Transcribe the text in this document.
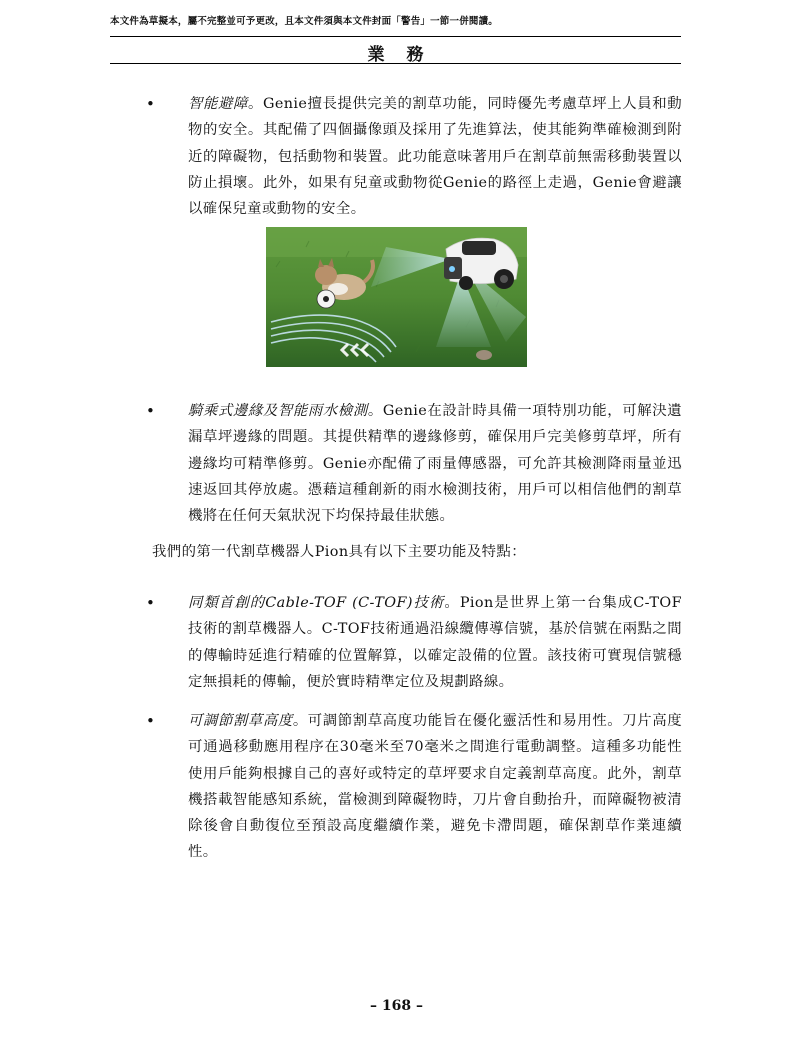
本文件為草擬本，屬不完整並可予更改，且本文件須與本文件封面「警告」一節一併閱讀。
業務
• 智能避障。Genie擅長提供完美的割草功能，同時優先考慮草坪上人員和動物的安全。其配備了四個攝像頭及採用了先進算法，使其能夠準確檢測到附近的障礙物，包括動物和裝置。此功能意味著用戶在割草前無需移動裝置以防止損壞。此外，如果有兒童或動物從Genie的路徑上走過，Genie會避讓以確保兒童或動物的安全。
• 騎乘式邊緣及智能雨水檢測。Genie在設計時具備一項特別功能，可解決遺漏草坪邊緣的問題。其提供精準的邊緣修剪，確保用戶完美修剪草坪，所有邊緣均可精準修剪。Genie亦配備了雨量傳感器，可允許其檢測降雨量並迅速返回其停放處。憑藉這種創新的雨水檢測技術，用戶可以相信他們的割草機將在任何天氣狀況下均保持最佳狀態。
我們的第一代割草機器人Pion具有以下主要功能及特點：
• 同類首創的Cable-TOF (C-TOF)技術。Pion是世界上第一台集成C-TOF技術的割草機器人。C-TOF技術通過沿線纜傳導信號，基於信號在兩點之間的傳輸時延進行精確的位置解算，以確定設備的位置。該技術可實現信號穩定無損耗的傳輸，便於實時精準定位及規劃路線。
• 可調節割草高度。可調節割草高度功能旨在優化靈活性和易用性。刀片高度可通過移動應用程序在30毫米至70毫米之間進行電動調整。這種多功能性使用戶能夠根據自己的喜好或特定的草坪要求自定義割草高度。此外，割草機搭載智能感知系統，當檢測到障礙物時，刀片會自動抬升，而障礙物被清除後會自動復位至預設高度繼續作業，避免卡滯問題，確保割草作業連續性。
– 168 –
